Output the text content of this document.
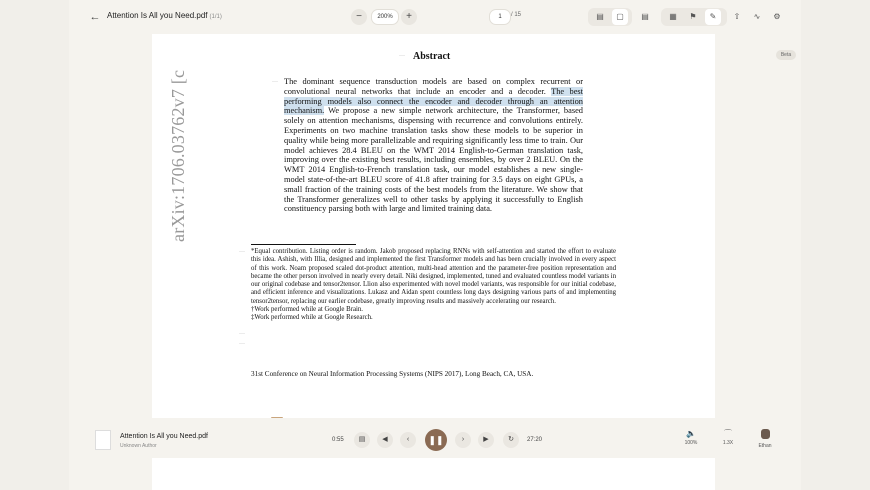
← Attention Is All you Need.pdf (1/1)	−	200%	+	1	/ 15	▤	▢	▤	▦	⚑	✎	⇧	∿	⚙
arXiv:1706.03762v7 [c
··· Abstract
··· The dominant sequence transduction models are based on complex recurrent or convolutional neural networks that include an encoder and a decoder. The best performing models also connect the encoder and decoder through an attention mechanism. We propose a new simple network architecture, the Transformer, based solely on attention mechanisms, dispensing with recurrence and convolutions entirely. Experiments on two machine translation tasks show these models to be superior in quality while being more parallelizable and requiring significantly less time to train. Our model achieves 28.4 BLEU on the WMT 2014 English-to-German translation task, improving over the existing best results, including ensembles, by over 2 BLEU. On the WMT 2014 English-to-French translation task, our model establishes a new single-model state-of-the-art BLEU score of 41.8 after training for 3.5 days on eight GPUs, a small fraction of the training costs of the best models from the literature. We show that the Transformer generalizes well to other tasks by applying it successfully to English constituency parsing both with large and limited training data.
··· *Equal contribution. Listing order is random. Jakob proposed replacing RNNs with self-attention and started the effort to evaluate this idea. Ashish, with Illia, designed and implemented the first Transformer models and has been crucially involved in every aspect of this work. Noam proposed scaled dot-product attention, multi-head attention and the parameter-free position representation and became the other person involved in nearly every detail. Niki designed, implemented, tuned and evaluated countless model variants in our original codebase and tensor2tensor. Llion also experimented with novel model variants, was responsible for our initial codebase, and efficient inference and visualizations. Lukasz and Aidan spent countless long days designing various parts of and implementing tensor2tensor, replacing our earlier codebase, greatly improving results and massively accelerating our research.

†Work performed while at Google Brain.

‡Work performed while at Google Research.

···
···
31st Conference on Neural Information Processing Systems (NIPS 2017), Long Beach, CA, USA.
Attention Is All you Need.pdf
Unknown Author
0:55	▤	◀	‹	❚❚	›	▶	↻	27:20
🔈
100%
⌒
1.3X	Ethan
Beta
